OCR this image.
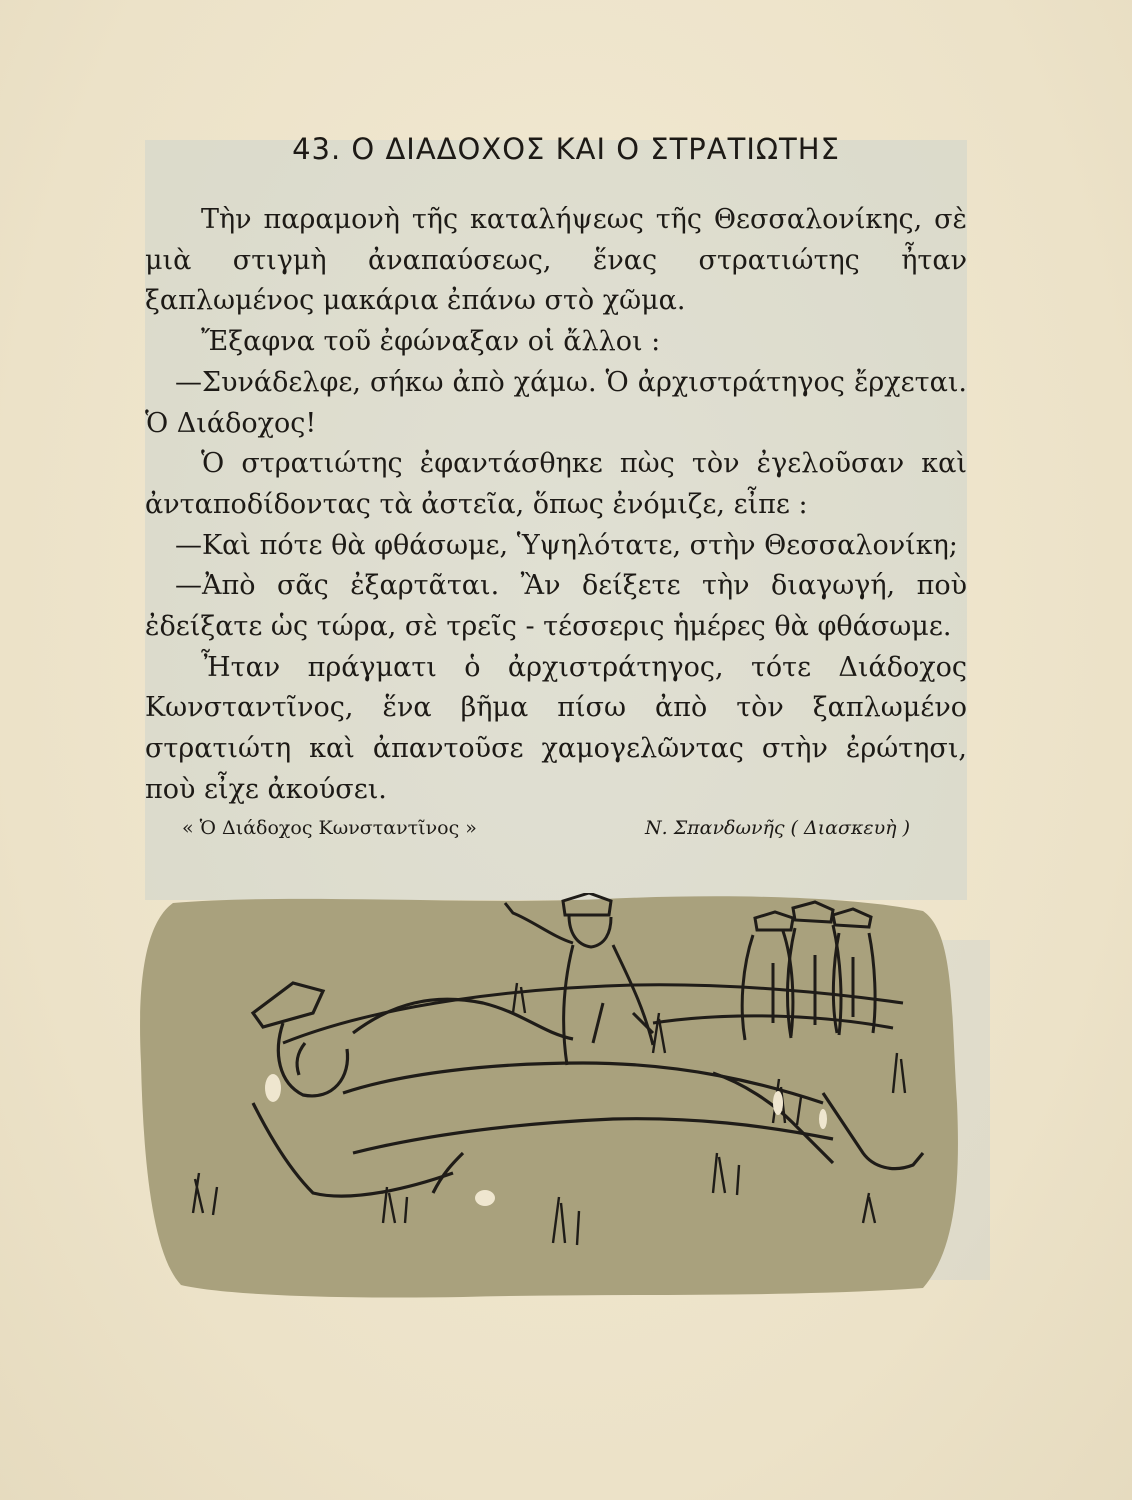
43. Ο ΔΙΑΔΟΧΟΣ ΚΑΙ Ο ΣΤΡΑΤΙΩΤΗΣ

Τὴν παραμονὴ τῆς καταλήψεως τῆς Θεσσαλονίκης, σὲ μιὰ στιγμὴ ἀναπαύσεως, ἕνας στρατιώτης ἦταν ξαπλωμένος μακάρια ἐπάνω στὸ χῶμα.

Ἔξαφνα τοῦ ἐφώναξαν οἱ ἄλλοι :

—Συνάδελφε, σήκω ἀπὸ χάμω. Ὁ ἀρχιστράτηγος ἔρχεται. Ὁ Διάδοχος!

Ὁ στρατιώτης ἐφαντάσθηκε πὼς τὸν ἐγελοῦσαν καὶ ἀνταποδίδοντας τὰ ἀστεῖα, ὅπως ἐνόμιζε, εἶπε :

—Καὶ πότε θὰ φθάσωμε, Ὑψηλότατε, στὴν Θεσσαλονίκη;

—Ἀπὸ σᾶς ἐξαρτᾶται. Ἂν δείξετε τὴν διαγωγή, ποὺ ἐδείξατε ὡς τώρα, σὲ τρεῖς - τέσσερις ἡμέρες θὰ φθάσωμε.

Ἦταν πράγματι ὁ ἀρχιστράτηγος, τότε Διάδοχος Κωνσταντῖνος, ἕνα βῆμα πίσω ἀπὸ τὸν ξαπλωμένο στρατιώτη καὶ ἀπαντοῦσε χαμογελῶντας στὴν ἐρώτησι, ποὺ εἶχε ἀκούσει.

« Ὁ Διάδοχος Κωνσταντῖνος »	Ν. Σπανδωνῆς ( Διασκευὴ )
